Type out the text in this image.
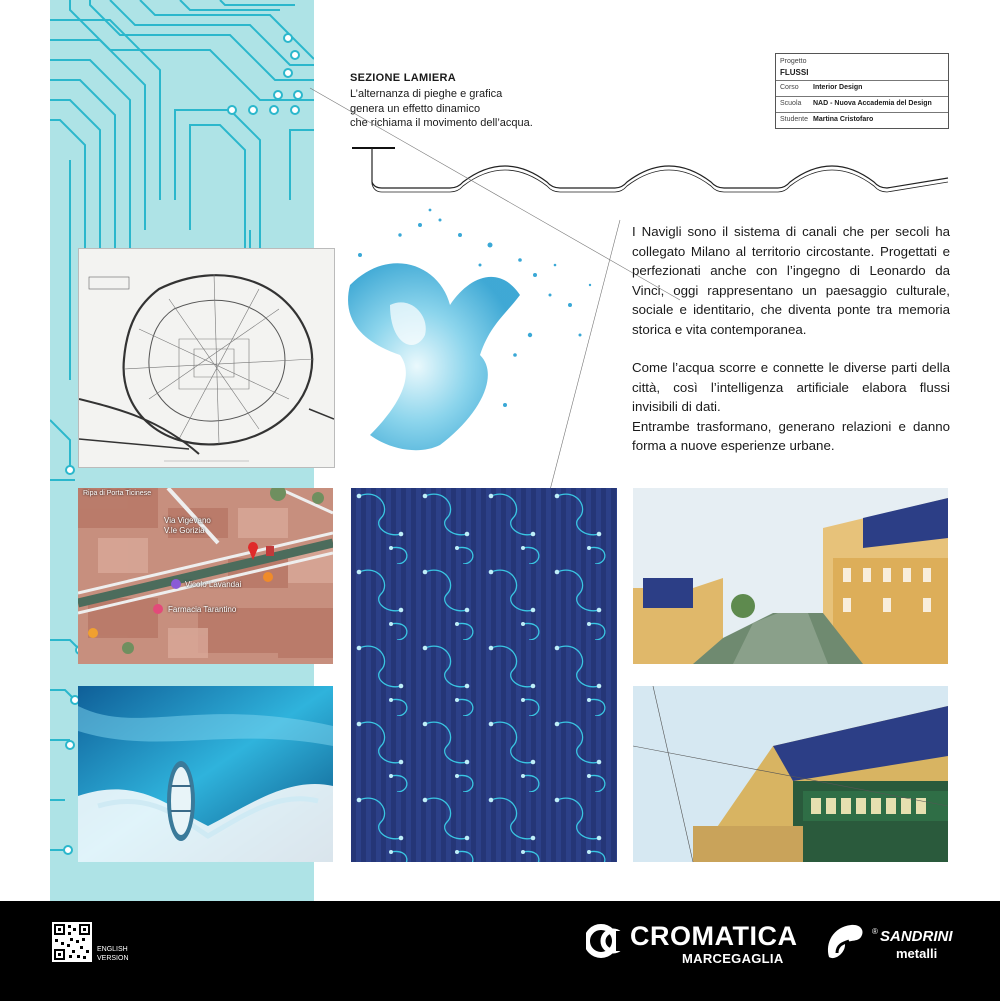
SEZIONE LAMIERA
L’alternanza di pieghe e grafica
genera un effetto dinamico
che richiama il movimento dell’acqua.
Progetto
FLUSSI
Corso Interior Design
Scuola NAD - Nuova Accademia del Design
Studente Martina Cristofaro

I Navigli sono il sistema di canali che per secoli ha collegato Milano al territorio circostante. Progettati e perfezionati anche con l’ingegno di Leonardo da Vinci, oggi rappresentano un paesaggio culturale, sociale e identitario, che diventa ponte tra memoria storica e vita contemporanea.

Come l’acqua scorre e connette le diverse parti della città, così l’intelligenza artificiale elabora flussi invisibili di dati.
Entrambe trasformano, generano relazioni e danno forma a nuove esperienze urbane.

Via Vigevano
V.le Gorizia
Vicolo Lavandai
Farmacia Tarantino
Ripa di Porta Ticinese
ENGLISH
VERSION
CROMATICA
MARCEGAGLIA
® SANDRINI
metalli
